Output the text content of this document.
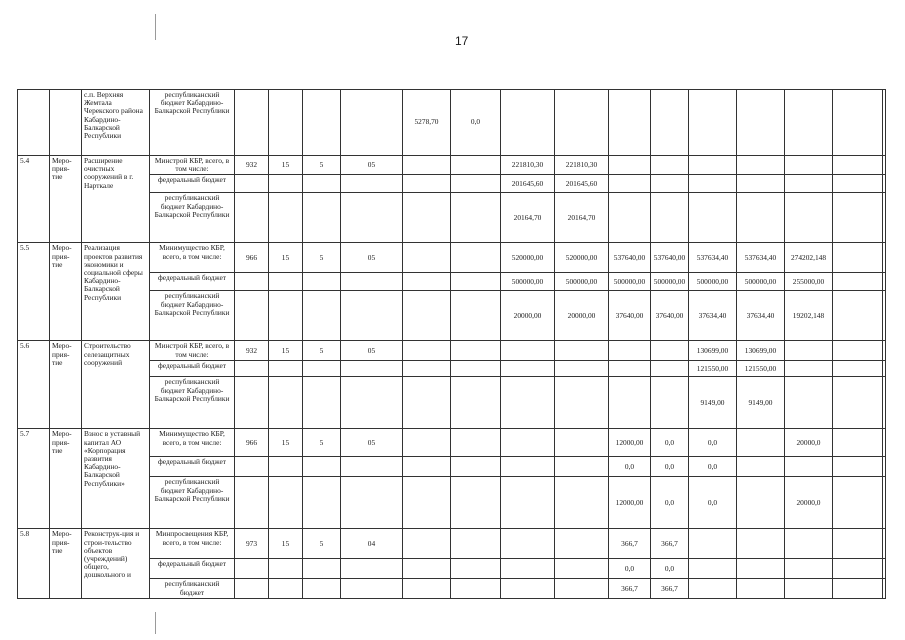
17
		с.п. Верхняя Жемтала Черекского района Кабардино-Балкарской Республики	республиканский бюджет Кабардино-Балкарской Республики					5278,70	0,0									
5.4	Меро-прия-тие	Расширение очистных сооружений в г. Нарткале	Минстрой КБР, всего, в том числе:	932	15	5	05			221810,30	221810,30							
			федеральный бюджет							201645,60	201645,60							
			республиканский бюджет Кабардино-Балкарской Республики							20164,70	20164,70							
5.5	Меро-прия-тие	Реализация проектов развития экономики и социальной сферы Кабардино-Балкарской Республики	Минимущество КБР, всего, в том числе:	966	15	5	05			520000,00	520000,00	537640,00	537640,00	537634,40	537634,40	274202,148		
			федеральный бюджет							500000,00	500000,00	500000,00	500000,00	500000,00	500000,00	255000,00		
			республиканский бюджет Кабардино-Балкарской Республики							20000,00	20000,00	37640,00	37640,00	37634,40	37634,40	19202,148		
5.6	Меро-прия-тие	Строительство селезащитных сооружений	Минстрой КБР, всего, в том числе:	932	15	5	05							130699,00	130699,00			
			федеральный бюджет											121550,00	121550,00			
			республиканский бюджет Кабардино-Балкарской Республики											9149,00	9149,00			
5.7	Меро-прия-тие	Взнос в уставный капитал АО «Корпорация развития Кабардино-Балкарской Республики»	Минимущество КБР, всего, в том числе:	966	15	5	05					12000,00	0,0	0,0		20000,0		
			федеральный бюджет									0,0	0,0	0,0				
			республиканский бюджет Кабардино-Балкарской Республики									12000,00	0,0	0,0		20000,0		
5.8	Меро-прия-тие	Реконструк-ция и строи-тельство объектов (учреждений) общего, дошкольного и	Минпросвещения КБР, всего, в том числе:	973	15	5	04					366,7	366,7					
			федеральный бюджет									0,0	0,0					
			республиканский бюджет									366,7	366,7					
